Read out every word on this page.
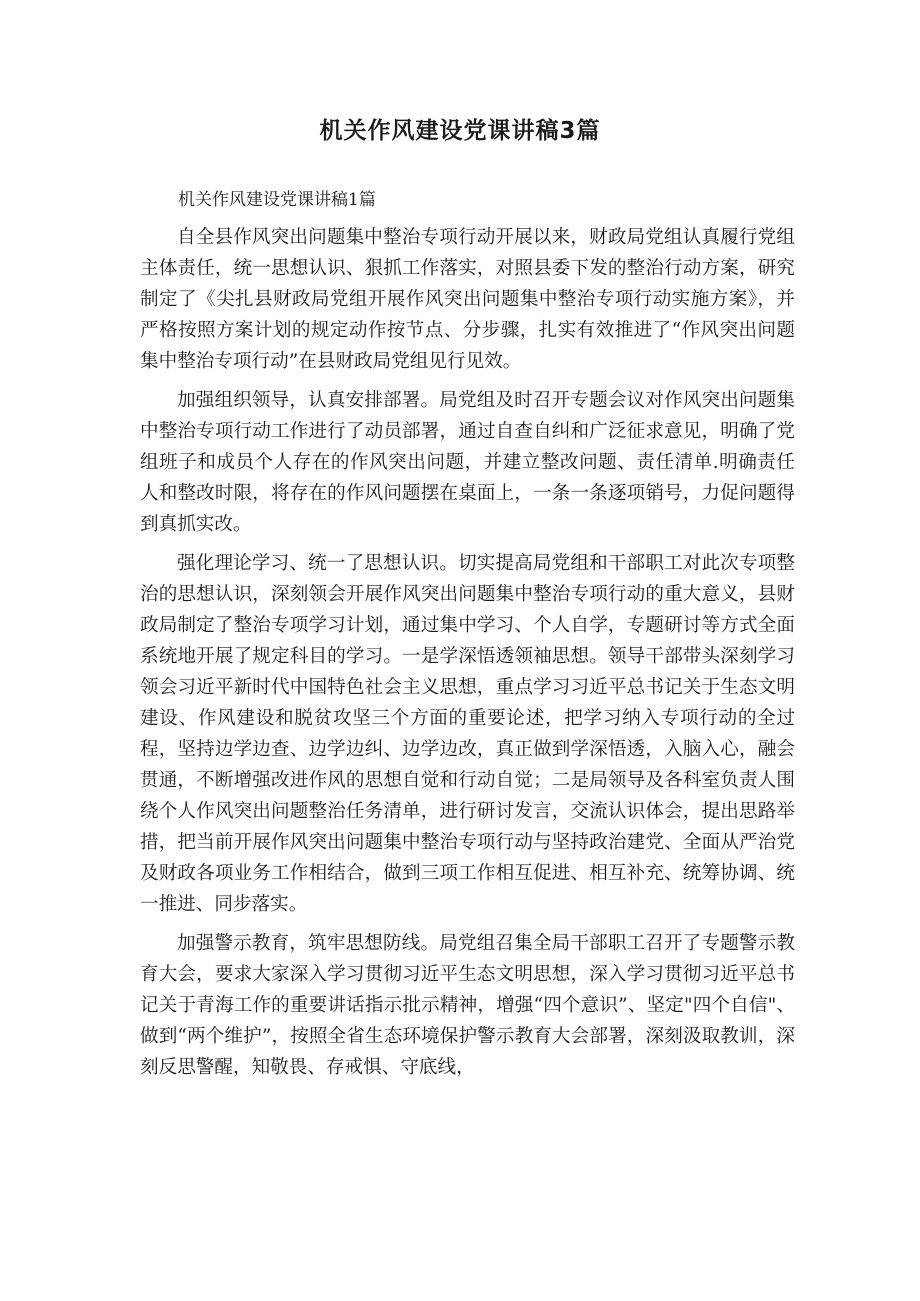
机关作风建设党课讲稿3篇

机关作风建设党课讲稿1篇

自全县作风突出问题集中整治专项行动开展以来，财政局党组认真履行党组主体责任，统一思想认识、狠抓工作落实，对照县委下发的整治行动方案，研究制定了《尖扎县财政局党组开展作风突出问题集中整治专项行动实施方案》，并严格按照方案计划的规定动作按节点、分步骤，扎实有效推进了“作风突出问题集中整治专项行动”在县财政局党组见行见效。

加强组织领导，认真安排部署。局党组及时召开专题会议对作风突出问题集中整治专项行动工作进行了动员部署，通过自查自纠和广泛征求意见，明确了党组班子和成员个人存在的作风突出问题，并建立整改问题、责任清单.明确责任人和整改时限，将存在的作风问题摆在桌面上，一条一条逐项销号，力促问题得到真抓实改。

强化理论学习、统一了思想认识。切实提高局党组和干部职工对此次专项整治的思想认识，深刻领会开展作风突出问题集中整治专项行动的重大意义，县财政局制定了整治专项学习计划，通过集中学习、个人自学，专题研讨等方式全面系统地开展了规定科目的学习。一是学深悟透领袖思想。领导干部带头深刻学习领会习近平新时代中国特色社会主义思想，重点学习习近平总书记关于生态文明建设、作风建设和脱贫攻坚三个方面的重要论述，把学习纳入专项行动的全过程，坚持边学边查、边学边纠、边学边改，真正做到学深悟透，入脑入心，融会贯通，不断增强改进作风的思想自觉和行动自觉；二是局领导及各科室负责人围绕个人作风突出问题整治任务清单，进行研讨发言，交流认识体会，提出思路举措，把当前开展作风突出问题集中整治专项行动与坚持政治建党、全面从严治党及财政各项业务工作相结合，做到三项工作相互促进、相互补充、统筹协调、统一推进、同步落实。

加强警示教育，筑牢思想防线。局党组召集全局干部职工召开了专题警示教育大会，要求大家深入学习贯彻习近平生态文明思想，深入学习贯彻习近平总书记关于青海工作的重要讲话指示批示精神，增强“四个意识”、坚定"四个自信"、做到“两个维护”，按照全省生态环境保护警示教育大会部署，深刻汲取教训，深刻反思警醒，知敬畏、存戒惧、守底线，
